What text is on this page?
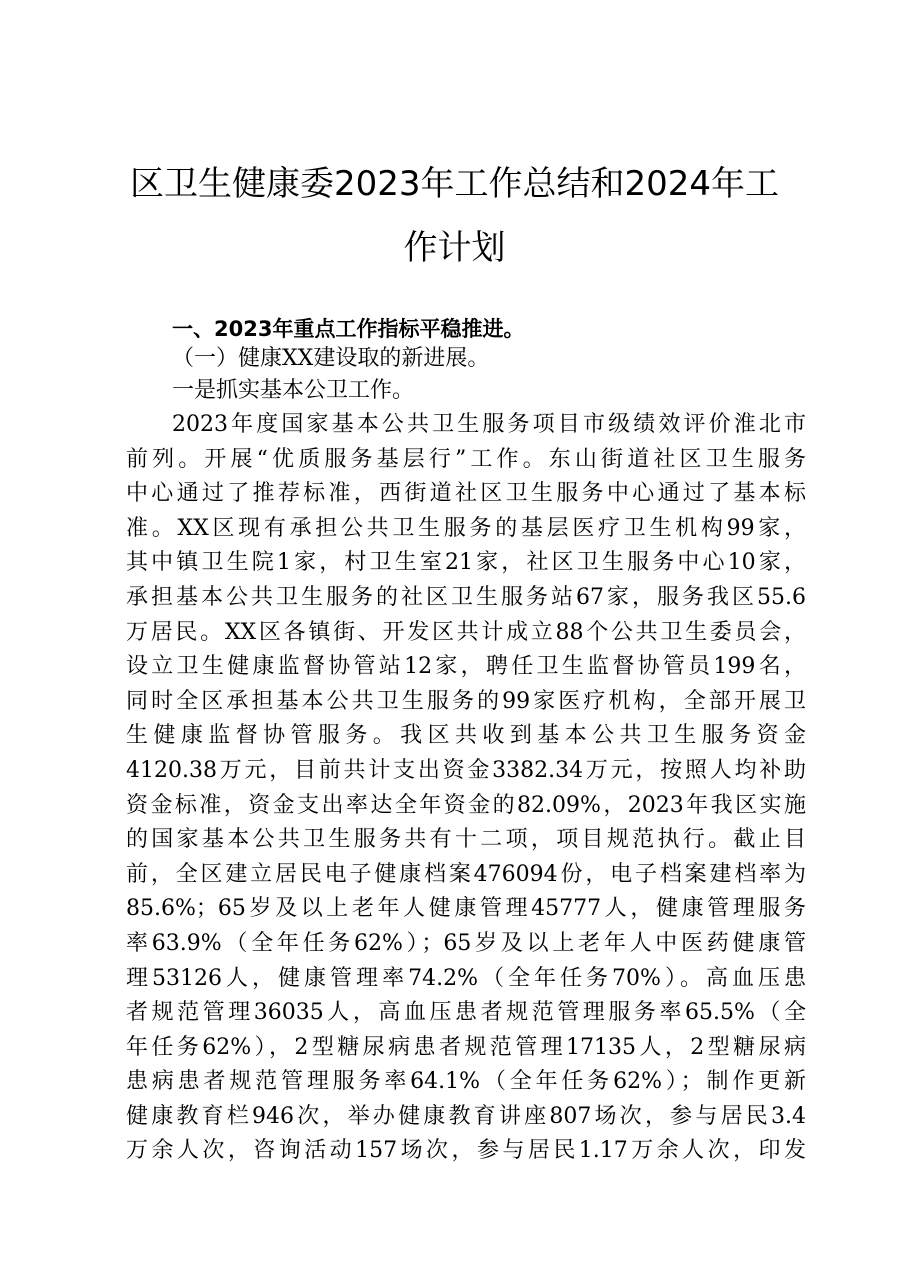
区卫生健康委2023年工作总结和2024年工
作计划
一、2023年重点工作指标平稳推进。
（一）健康XX建设取的新进展。
一是抓实基本公卫工作。
2023年度国家基本公共卫生服务项目市级绩效评价淮北市
前列。开展“优质服务基层行”工作。东山街道社区卫生服务
中心通过了推荐标准，西街道社区卫生服务中心通过了基本标
准。XX区现有承担公共卫生服务的基层医疗卫生机构99家，
其中镇卫生院1家，村卫生室21家，社区卫生服务中心10家，
承担基本公共卫生服务的社区卫生服务站67家，服务我区55.6
万居民。XX区各镇街、开发区共计成立88个公共卫生委员会，
设立卫生健康监督协管站12家，聘任卫生监督协管员199名，
同时全区承担基本公共卫生服务的99家医疗机构，全部开展卫
生健康监督协管服务。我区共收到基本公共卫生服务资金
4120.38万元，目前共计支出资金3382.34万元，按照人均补助
资金标准，资金支出率达全年资金的82.09%，2023年我区实施
的国家基本公共卫生服务共有十二项，项目规范执行。截止目
前，全区建立居民电子健康档案476094份，电子档案建档率为
85.6%；65岁及以上老年人健康管理45777人，健康管理服务
率63.9%（全年任务62%）；65岁及以上老年人中医药健康管
理53126人，健康管理率74.2%（全年任务70%）。高血压患
者规范管理36035人，高血压患者规范管理服务率65.5%（全
年任务62%），2型糖尿病患者规范管理17135人，2型糖尿病
患病患者规范管理服务率64.1%（全年任务62%）；制作更新
健康教育栏946次，举办健康教育讲座807场次，参与居民3.4
万余人次，咨询活动157场次，参与居民1.17万余人次，印发
